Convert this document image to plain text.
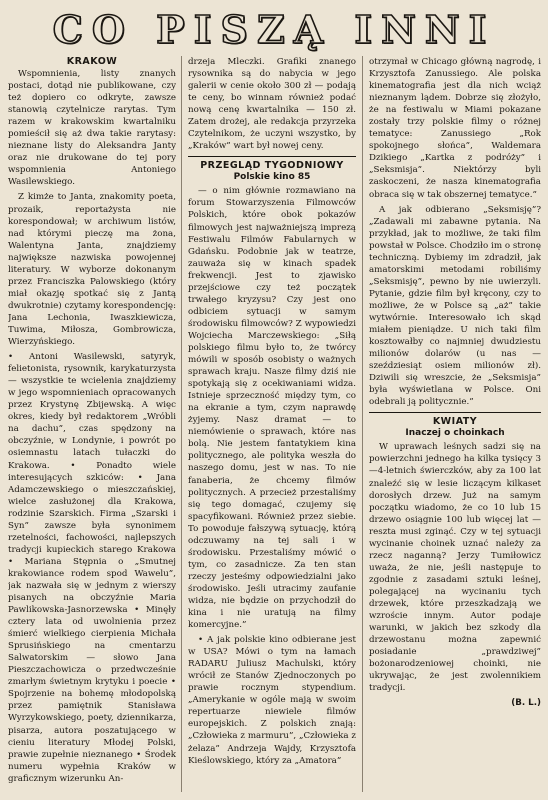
CO PISZĄ INNI
KRAKÓW

Wspomnienia, listy znanych postaci, dotąd nie publikowane, czy też dopiero co odkryte, zawsze stanowią czytelnicze rarytas. Tym razem w krakowskim kwartalniku pomieścił się aż dwa takie rarytasy: nieznane listy do Aleksandra Janty oraz nie drukowane do tej pory wspomnienia Antoniego Wasilewskiego.

Z kimże to Janta, znakomity poeta, prozaik, reportażysta nie korespondował; w archiwum listów, nad którymi pieczę ma żona, Walentyna Janta, znajdziemy największe nazwiska powojennej literatury. W wyborze dokonanym przez Franciszka Palowskiego (który miał okazję spotkać się z Jantą dwukrotnie) czytamy korespondencję: Jana Lechonia, Iwaszkiewicza, Tuwima, Miłosza, Gombrowicza, Wierzyńskiego.

• Antoni Wasilewski, satyryk, felietonista, rysownik, karykaturzysta — wszystkie te wcielenia znajdziemy w jego wspomnieniach opracowanych przez Krystynę Zbijewską. A więc okres, kiedy był redaktorem „Wróbli na dachu”, czas spędzony na obczyźnie, w Londynie, i powrót po osiemnastu latach tułaczki do Krakowa. • Ponadto wiele interesujących szkiców: • Jana Adamczewskiego o mieszczańskiej, wielce zasłużonej dla Krakowa, rodzinie Szarskich. Firma „Szarski i Syn” zawsze była synonimem rzetelności, fachowości, najlepszych tradycji kupieckich starego Krakowa • Mariana Stępnia o „Smutnej krakowiance rodem spod Wawelu”, jak nazwała się w jednym z wierszy pisanych na obczyźnie Maria Pawlikowska-Jasnorzewska • Minęły cztery lata od uwolnienia przez śmierć wielkiego cierpienia Michała Sprusińskiego na cmentarzu Salwatorskim — słowo Jana Pieszczachowicza o przedwcześnie zmarłym świetnym krytyku i poecie • Spojrzenie na bohemę młodopolską przez pamiętnik Stanisława Wyrzykowskiego, poety, dziennikarza, pisarza, autora poszatującego w cieniu literatury Młodej Polski, prawie zupełnie nieznanego • Środek numeru wypełnia Kraków w graficznym wizerunku An-

drzeja Mleczki. Grafiki znanego rysownika są do nabycia w jego galerii w cenie około 300 zł — podają te ceny, bo winnam również podać nową cenę kwartalnika — 150 zł. Zatem drożej, ale redakcja przyrzeka Czytelnikom, że uczyni wszystko, by „Kraków” wart był nowej ceny.

PRZEGLĄD TYGODNIOWY
Polskie kino 85

— o nim głównie rozmawiano na forum Stowarzyszenia Filmowców Polskich, które obok pokazów filmowych jest najważniejszą imprezą Festiwalu Filmów Fabularnych w Gdańsku. Podobnie jak w teatrze, zauważa się w kinach spadek frekwencji. Jest to zjawisko przejściowe czy też początek trwałego kryzysu? Czy jest ono odbiciem sytuacji w samym środowisku filmowców? Z wypowiedzi Wojciecha Marczewskiego: „Siłą polskiego filmu było to, że twórcy mówili w sposób osobisty o ważnych sprawach kraju. Nasze filmy dziś nie spotykają się z ocekiwaniami widza. Istnieje sprzeczność między tym, co na ekranie a tym, czym naprawdę żyjemy. Nasz dramat — to niemówienie o sprawach, które nas bolą. Nie jestem fantatykiem kina politycznego, ale polityka weszła do naszego domu, jest w nas. To nie fanaberia, że chcemy filmów politycznych. A przecież przestaliśmy się tego domagać, czujemy się spacyfikowani. Również przez siebie. To powoduje fałszywą sytuację, którą odczuwamy na tej sali i w środowisku. Przestaliśmy mówić o tym, co zasadnicze. Za ten stan rzeczy jesteśmy odpowiedzialni jako środowisko. Jeśli utracimy zaufanie widza, nie będzie on przychodził do kina i nie uratują na filmy komercyjne.”

• A jak polskie kino odbierane jest w USA? Mówi o tym na łamach RADARU Juliusz Machulski, który wrócił ze Stanów Zjednoczonych po prawie rocznym stypendium. „Amerykanie w ogóle mają w swoim repertuarze niewiele filmów europejskich. Z polskich znają: „Człowieka z marmuru”, „Człowieka z żelaza” Andrzeja Wajdy, Krzysztofa Kieślowskiego, który za „Amatora”

otrzymał w Chicago główną nagrodę, i Krzysztofa Zanussiego. Ale polska kinematografia jest dla nich wciąż nieznanym lądem. Dobrze się złożyło, że na festiwalu w Miami pokazane zostały trzy polskie filmy o różnej tematyce: Zanussiego „Rok spokojnego słońca”, Waldemara Dzikiego „Kartka z podróży” i „Seksmisja”. Niektórzy byli zaskoczeni, że nasza kinematografia obraca się w tak obszernej tematyce.”

A jak odbierano „Seksmisję”? „Zadawali mi zabawne pytania. Na przykład, jak to możliwe, że taki film powstał w Polsce. Chodziło im o stronę techniczną. Dybiemy im zdradził, jak amatorskimi metodami robiliśmy „Seksmisję”, pewno by nie uwierzyli. Pytanie, gdzie film był kręcony, czy to możliwe, że w Polsce są „aż” takie wytwórnie. Interesowało ich skąd miałem pieniądze. U nich taki film kosztowałby co najmniej dwudziestu milionów dolarów (u nas — szeździesiąt osiem milionów zł). Dziwili się wreszcie, że „Seksmisja” była wyświetlana w Polsce. Oni odebrali ją politycznie.”

KWIATY
Inaczej o choinkach

W uprawach leśnych sadzi się na powierzchni jednego ha kilka tysięcy 3—4-letnich świerczków, aby za 100 lat znaleźć się w lesie liczącym kilkaset dorosłych drzew. Już na samym początku wiadomo, że co 10 lub 15 drzewo osiągnie 100 lub więcej lat — reszta musi zginąć. Czy w tej sytuacji wycinanie choinek uznać należy za rzecz naganną? Jerzy Tumiłowicz uważa, że nie, jeśli następuje to zgodnie z zasadami sztuki leśnej, polegającej na wycinaniu tych drzewek, które przeszkadzają we wzroście innym. Autor podaje warunki, w jakich bez szkody dla drzewostanu można zapewnić posiadanie „prawdziwej” bożonarodzeniowej choinki, nie ukrywając, że jest zwolennikiem tradycji.

(B. L.)
